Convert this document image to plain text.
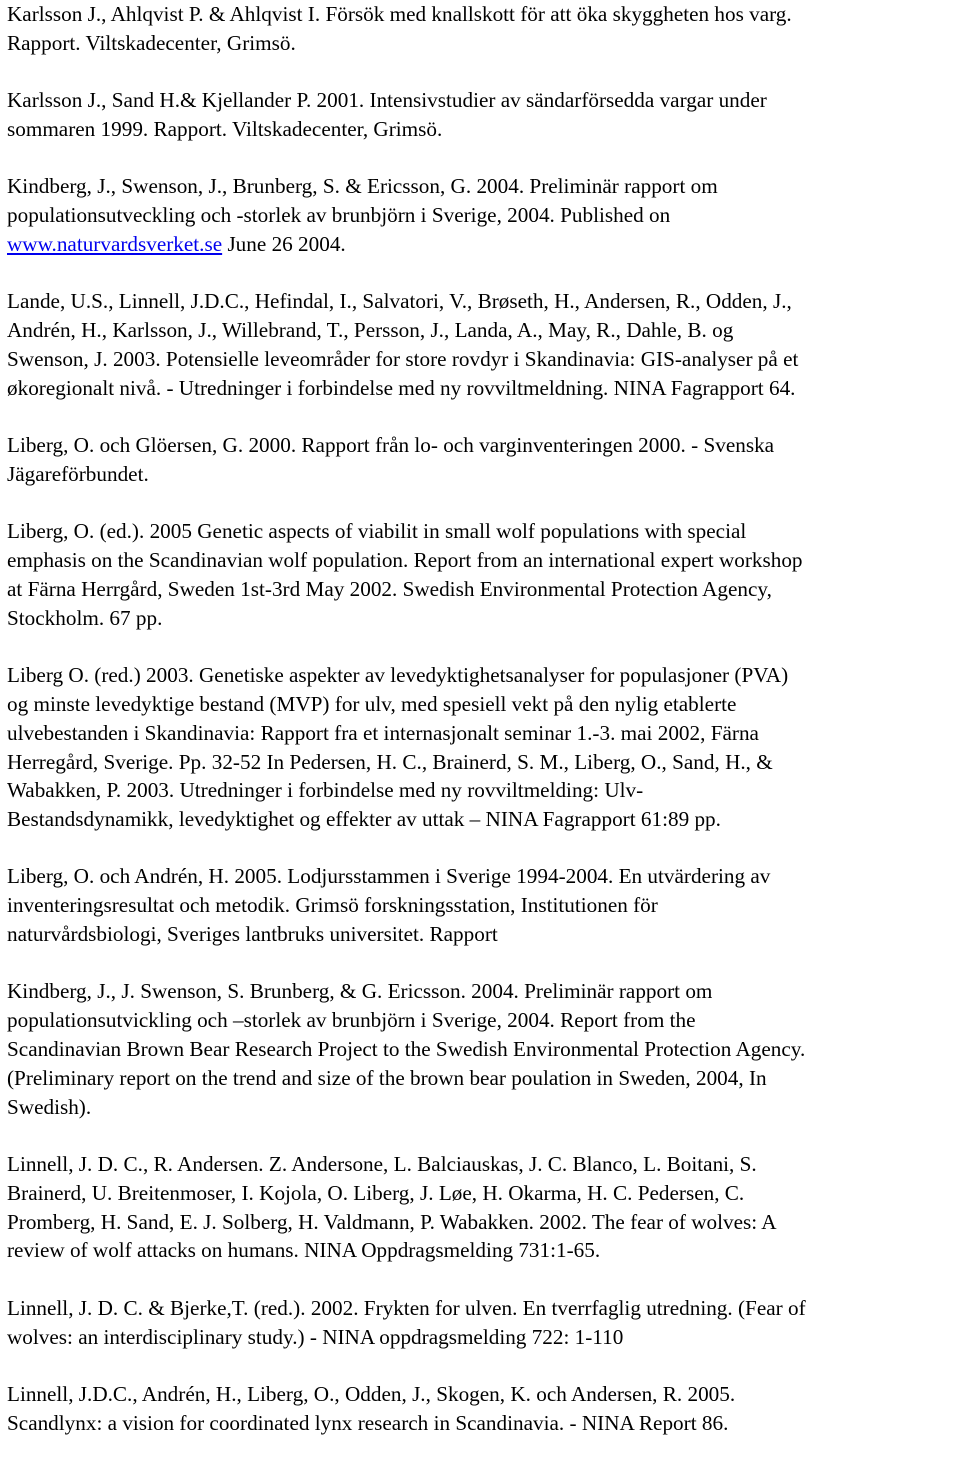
Karlsson J., Ahlqvist P. & Ahlqvist I. Försök med knallskott för att öka skyggheten hos varg.
Rapport. Viltskadecenter, Grimsö.

Karlsson J., Sand H.& Kjellander P. 2001. Intensivstudier av sändarförsedda vargar under
sommaren 1999. Rapport. Viltskadecenter, Grimsö.

Kindberg, J., Swenson, J., Brunberg, S. & Ericsson, G. 2004. Preliminär rapport om
populationsutveckling och -storlek av brunbjörn i Sverige, 2004. Published on
www.naturvardsverket.se June 26 2004.

Lande, U.S., Linnell, J.D.C., Hefindal, I., Salvatori, V., Brøseth, H., Andersen, R., Odden, J.,
Andrén, H., Karlsson, J., Willebrand, T., Persson, J., Landa, A., May, R., Dahle, B. og
Swenson, J. 2003. Potensielle leveområder for store rovdyr i Skandinavia: GIS-analyser på et
økoregionalt nivå. - Utredninger i forbindelse med ny rovviltmeldning. NINA Fagrapport 64.

Liberg, O. och Glöersen, G. 2000. Rapport från lo- och varginventeringen 2000. - Svenska
Jägareförbundet.

Liberg, O. (ed.). 2005 Genetic aspects of viabilit in small wolf populations with special
emphasis on the Scandinavian wolf population. Report from an international expert workshop
at Färna Herrgård, Sweden 1st-3rd May 2002. Swedish Environmental Protection Agency,
Stockholm. 67 pp.

Liberg O. (red.) 2003. Genetiske aspekter av levedyktighetsanalyser for populasjoner (PVA)
og minste levedyktige bestand (MVP) for ulv, med spesiell vekt på den nylig etablerte
ulvebestanden i Skandinavia: Rapport fra et internasjonalt seminar 1.-3. mai 2002, Färna
Herregård, Sverige. Pp. 32-52 In Pedersen, H. C., Brainerd, S. M., Liberg, O., Sand, H., &
Wabakken, P. 2003. Utredninger i forbindelse med ny rovviltmelding: Ulv-
Bestandsdynamikk, levedyktighet og effekter av uttak – NINA Fagrapport 61:89 pp.

Liberg, O. och Andrén, H. 2005. Lodjursstammen i Sverige 1994-2004. En utvärdering av
inventeringsresultat och metodik. Grimsö forskningsstation, Institutionen för
naturvårdsbiologi, Sveriges lantbruks universitet. Rapport

Kindberg, J., J. Swenson, S. Brunberg, & G. Ericsson. 2004. Preliminär rapport om
populationsutvickling och –storlek av brunbjörn i Sverige, 2004. Report from the
Scandinavian Brown Bear Research Project to the Swedish Environmental Protection Agency.
(Preliminary report on the trend and size of the brown bear poulation in Sweden, 2004, In
Swedish).

Linnell, J. D. C., R. Andersen. Z. Andersone, L. Balciauskas, J. C. Blanco, L. Boitani, S.
Brainerd, U. Breitenmoser, I. Kojola, O. Liberg, J. Løe, H. Okarma, H. C. Pedersen, C.
Promberg, H. Sand, E. J. Solberg, H. Valdmann, P. Wabakken. 2002. The fear of wolves: A
review of wolf attacks on humans. NINA Oppdragsmelding 731:1-65.

Linnell, J. D. C. & Bjerke,T. (red.). 2002. Frykten for ulven. En tverrfaglig utredning. (Fear of
wolves: an interdisciplinary study.) - NINA oppdragsmelding 722: 1-110

Linnell, J.D.C., Andrén, H., Liberg, O., Odden, J., Skogen, K. och Andersen, R. 2005.
Scandlynx: a vision for coordinated lynx research in Scandinavia. - NINA Report 86.
